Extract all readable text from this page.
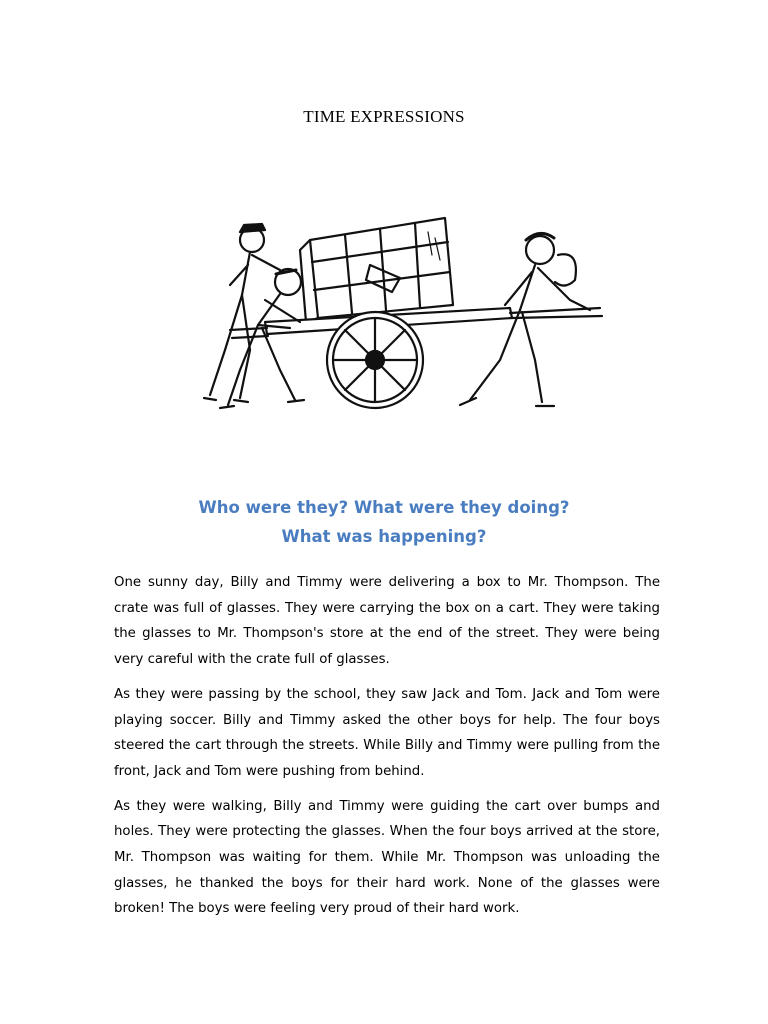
TIME EXPRESSIONS
Who were they? What were they doing?
What was happening?

One sunny day, Billy and Timmy were delivering a box to Mr. Thompson. The crate was full of glasses. They were carrying the box on a cart. They were taking the glasses to Mr. Thompson's store at the end of the street. They were being very careful with the crate full of glasses.

As they were passing by the school, they saw Jack and Tom. Jack and Tom were playing soccer. Billy and Timmy asked the other boys for help. The four boys steered the cart through the streets. While Billy and Timmy were pulling from the front, Jack and Tom were pushing from behind.

As they were walking, Billy and Timmy were guiding the cart over bumps and holes. They were protecting the glasses. When the four boys arrived at the store, Mr. Thompson was waiting for them. While Mr. Thompson was unloading the glasses, he thanked the boys for their hard work. None of the glasses were broken! The boys were feeling very proud of their hard work.
